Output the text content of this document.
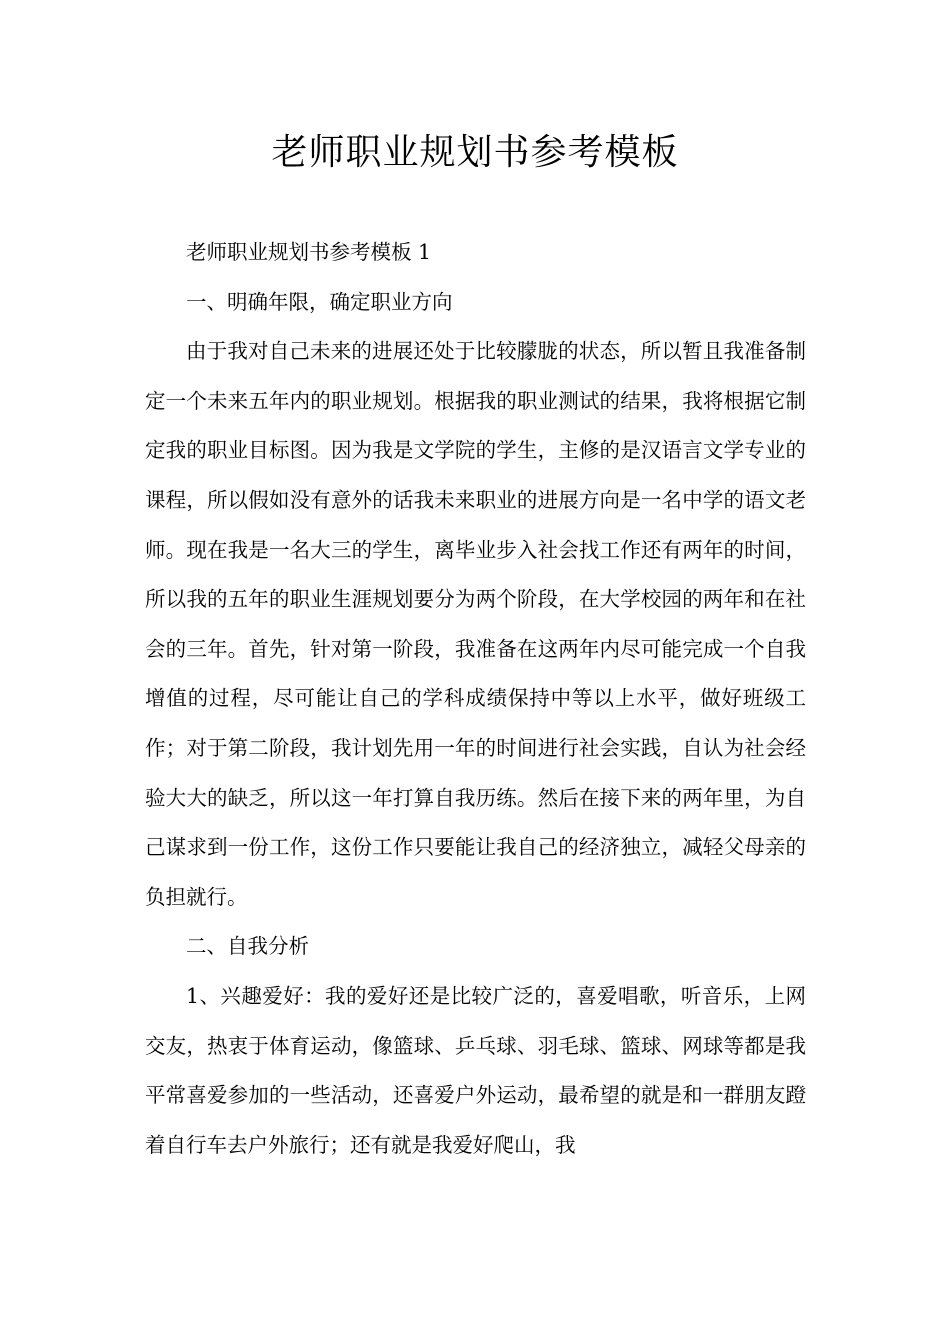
老师职业规划书参考模板

老师职业规划书参考模板 1

一、明确年限，确定职业方向

由于我对自己未来的进展还处于比较朦胧的状态，所以暂且我准备制定一个未来五年内的职业规划。根据我的职业测试的结果，我将根据它制定我的职业目标图。因为我是文学院的学生，主修的是汉语言文学专业的课程，所以假如没有意外的话我未来职业的进展方向是一名中学的语文老师。现在我是一名大三的学生，离毕业步入社会找工作还有两年的时间，所以我的五年的职业生涯规划要分为两个阶段，在大学校园的两年和在社会的三年。首先，针对第一阶段，我准备在这两年内尽可能完成一个自我增值的过程，尽可能让自己的学科成绩保持中等以上水平，做好班级工作；对于第二阶段，我计划先用一年的时间进行社会实践，自认为社会经验大大的缺乏，所以这一年打算自我历练。然后在接下来的两年里，为自己谋求到一份工作，这份工作只要能让我自己的经济独立，减轻父母亲的负担就行。

二、自我分析

1、兴趣爱好：我的爱好还是比较广泛的，喜爱唱歌，听音乐，上网交友，热衷于体育运动，像篮球、乒乓球、羽毛球、篮球、网球等都是我平常喜爱参加的一些活动，还喜爱户外运动，最希望的就是和一群朋友蹬着自行车去户外旅行；还有就是我爱好爬山，我
